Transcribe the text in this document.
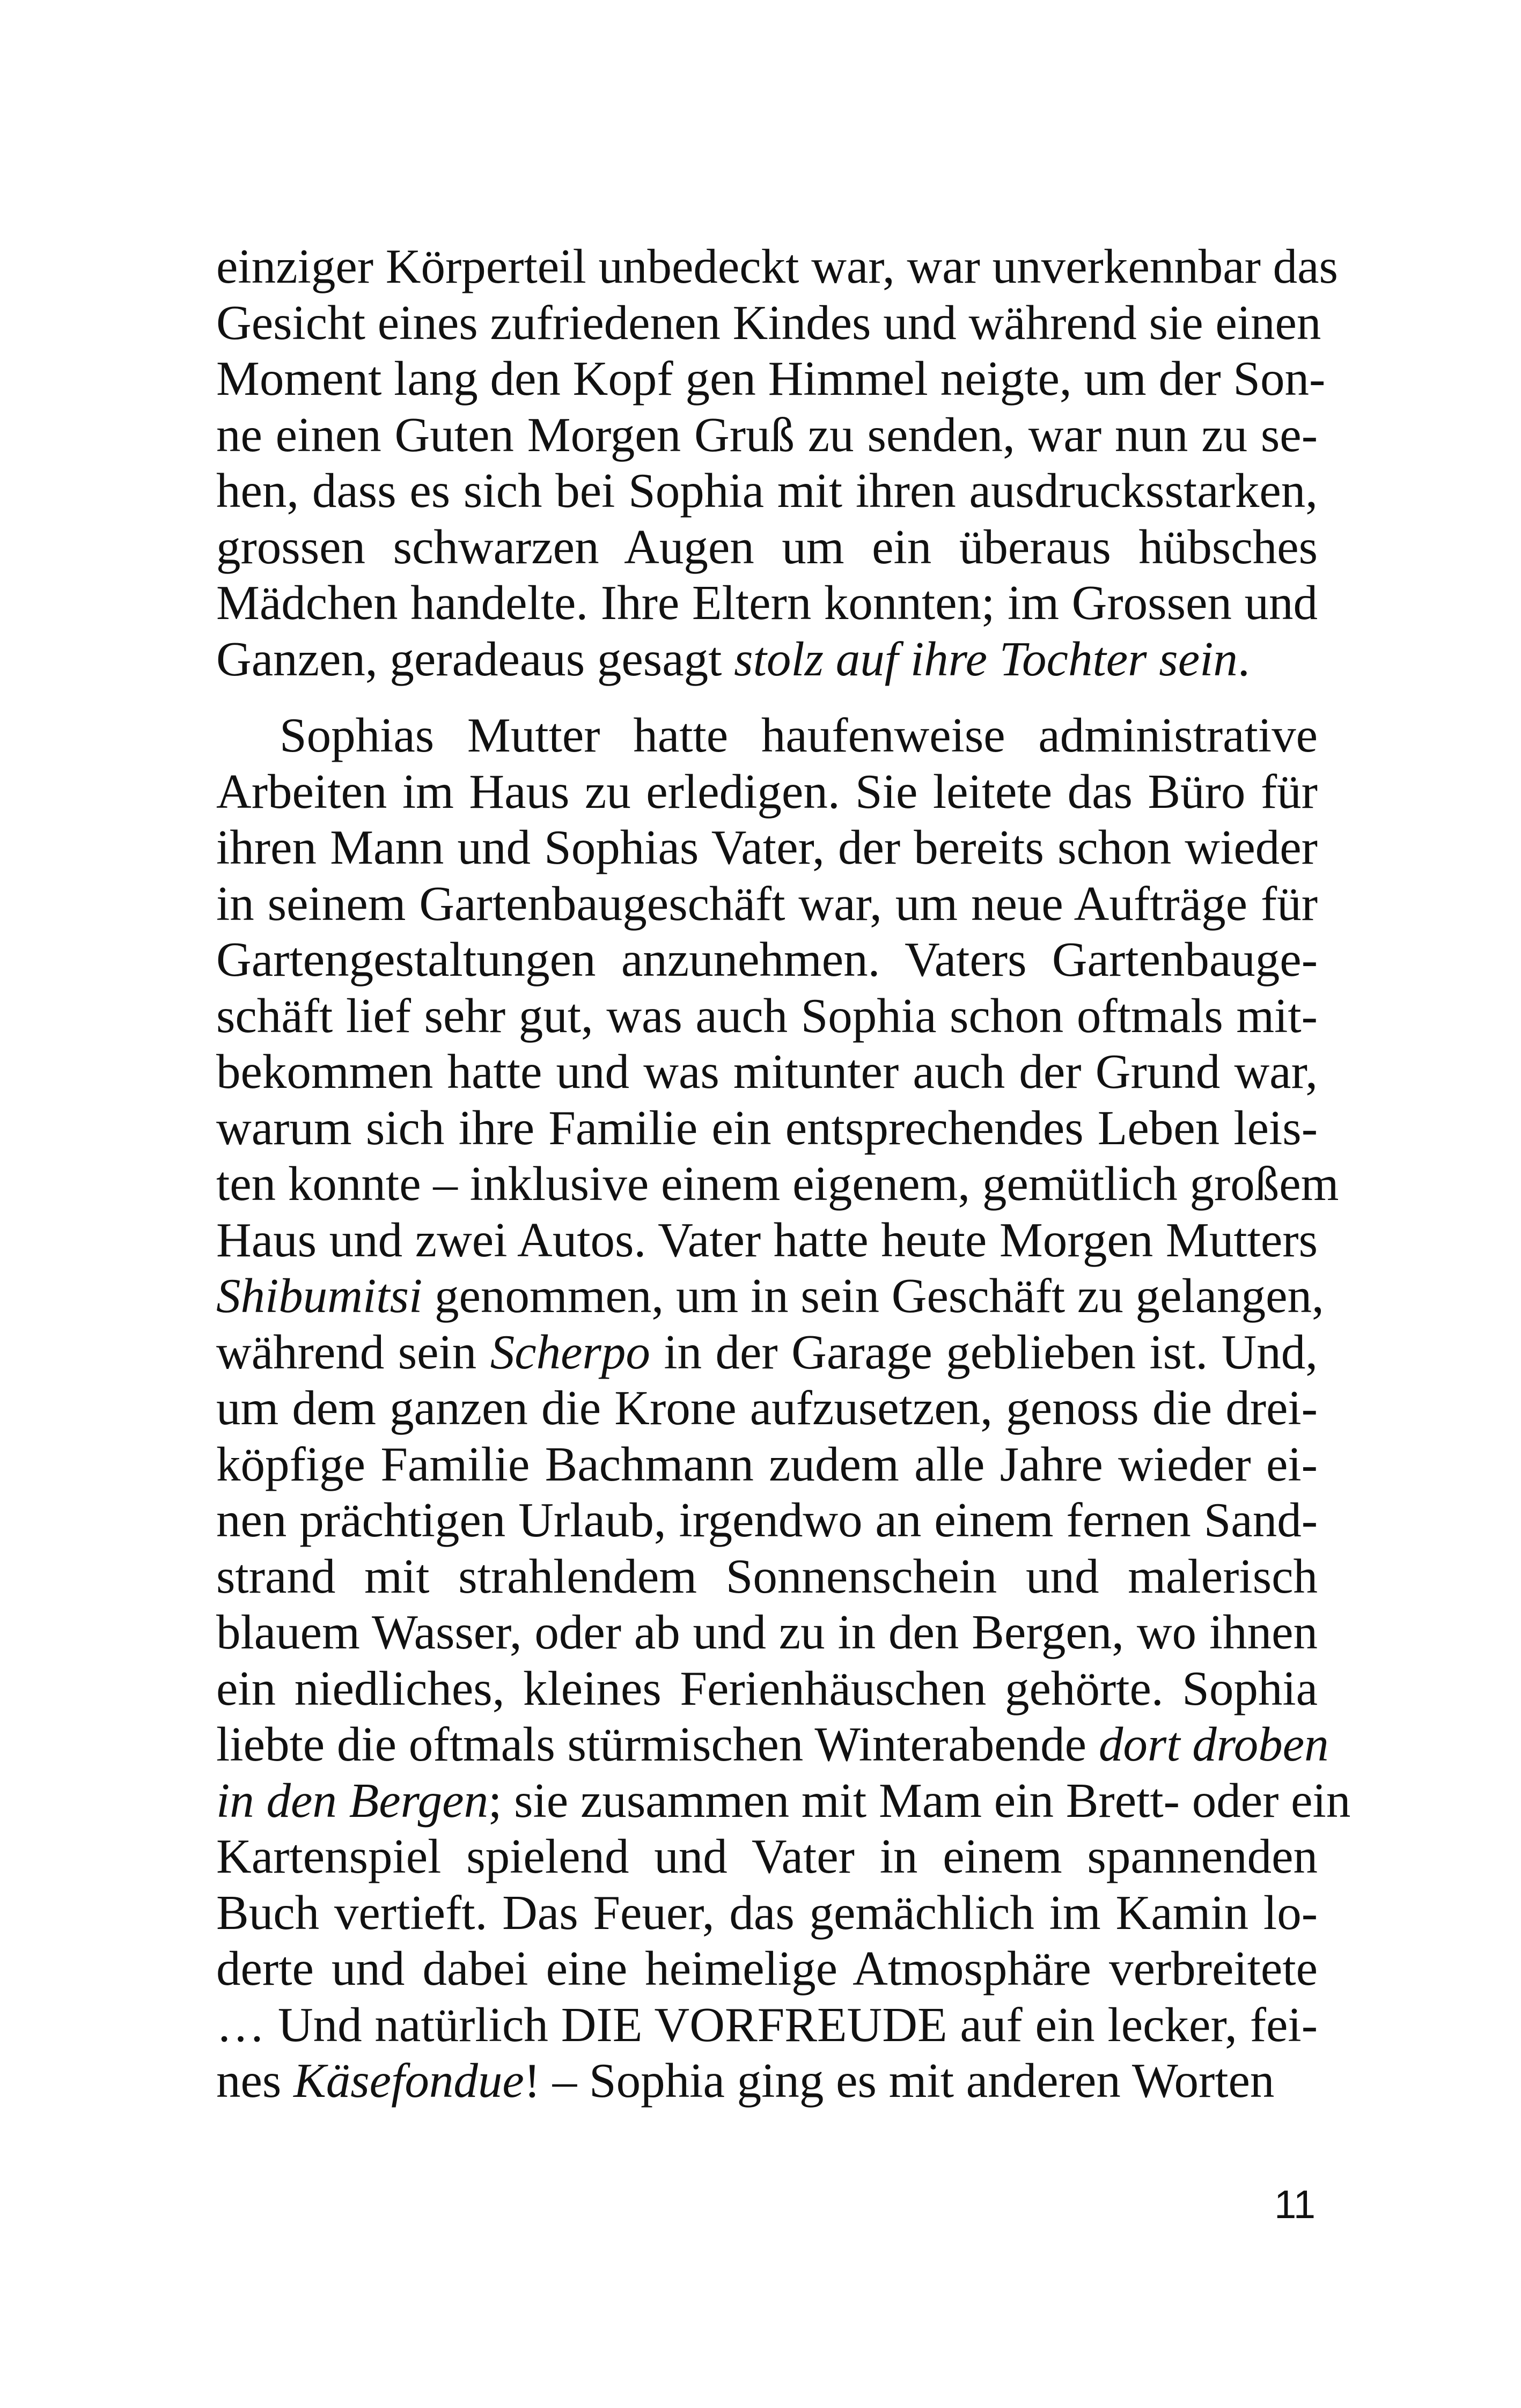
einziger Körperteil unbedeckt war, war unverkennbar das
Gesicht eines zufriedenen Kindes und während sie einen
Moment lang den Kopf gen Himmel neigte, um der Son-
ne einen Guten Morgen Gruß zu senden, war nun zu se-
hen, dass es sich bei Sophia mit ihren ausdrucksstarken,
grossen schwarzen Augen um ein überaus hübsches
Mädchen handelte. Ihre Eltern konnten; im Grossen und
Ganzen, geradeaus gesagt stolz auf ihre Tochter sein.
Sophias Mutter hatte haufenweise administrative
Arbeiten im Haus zu erledigen. Sie leitete das Büro für
ihren Mann und Sophias Vater, der bereits schon wieder
in seinem Gartenbaugeschäft war, um neue Aufträge für
Gartengestaltungen anzunehmen. Vaters Gartenbauge-
schäft lief sehr gut, was auch Sophia schon oftmals mit-
bekommen hatte und was mitunter auch der Grund war,
warum sich ihre Familie ein entsprechendes Leben leis-
ten konnte – inklusive einem eigenem, gemütlich großem
Haus und zwei Autos. Vater hatte heute Morgen Mutters
Shibumitsi genommen, um in sein Geschäft zu gelangen,
während sein Scherpo in der Garage geblieben ist. Und,
um dem ganzen die Krone aufzusetzen, genoss die drei-
köpfige Familie Bachmann zudem alle Jahre wieder ei-
nen prächtigen Urlaub, irgendwo an einem fernen Sand-
strand mit strahlendem Sonnenschein und malerisch
blauem Wasser, oder ab und zu in den Bergen, wo ihnen
ein niedliches, kleines Ferienhäuschen gehörte. Sophia
liebte die oftmals stürmischen Winterabende dort droben
in den Bergen; sie zusammen mit Mam ein Brett- oder ein
Kartenspiel spielend und Vater in einem spannenden
Buch vertieft. Das Feuer, das gemächlich im Kamin lo-
derte und dabei eine heimelige Atmosphäre verbreitete
… Und natürlich DIE VORFREUDE auf ein lecker, fei-
nes Käsefondue! – Sophia ging es mit anderen Worten
11
